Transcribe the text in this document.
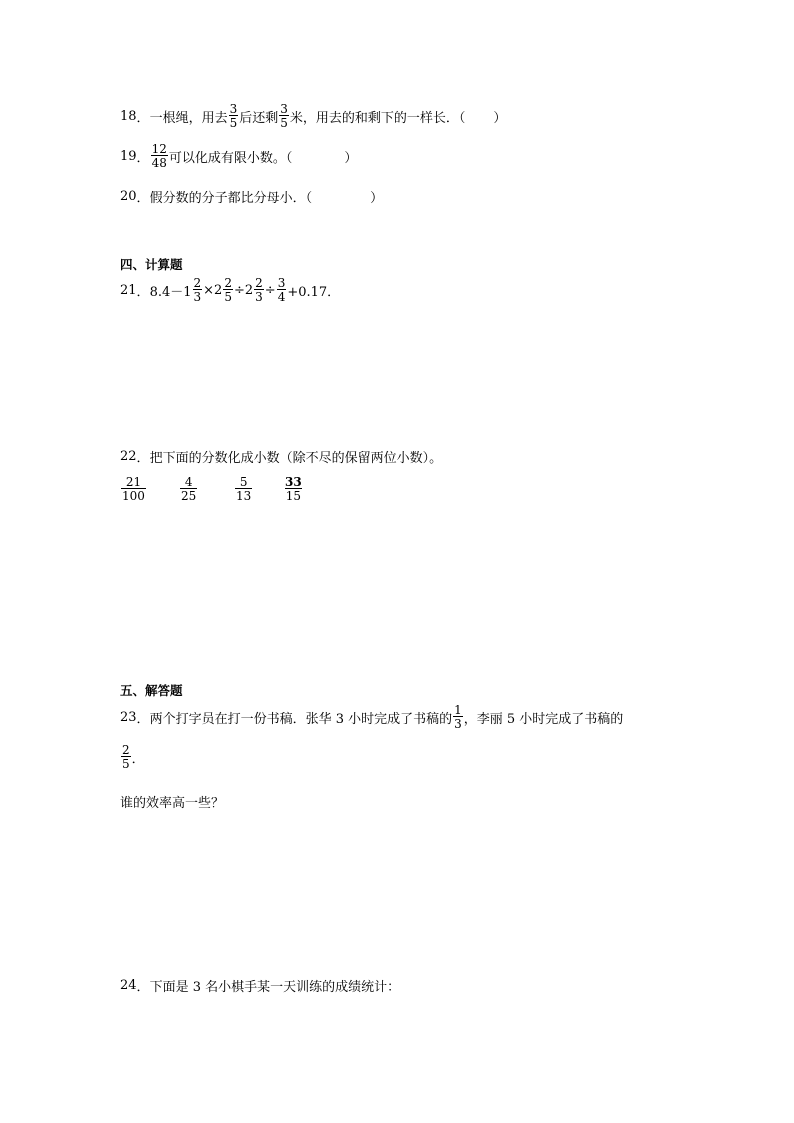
18 ． 一根绳，用去 $\frac{3}{5}$ 后还剩 $\frac{3}{5}$ 米，用去的和剩下的一样长．（ ）
19 ． $\frac{12}{48}$ 可以化成有限小数。（	）
20 ． 假分数的分子都比分母小．（	）
四、计算题
21 ． $8.4-1 \frac{2}{3} \times 2 \frac{2}{5} \div 2 \frac{2}{3} \div \frac{3}{4} +0.17$．
22 ． 把下面的分数化成小数（除不尽的保留两位小数）。
$\frac{21}{100}$	$\frac{4}{25}$	$\frac{5}{13}$	$\frac{33}{15}$
五、解答题
23 ． 两个打字员在打一份书稿．张华 3 小时完成了书稿的 $\frac{1}{3}$ ，李丽 5 小时完成了书稿的
$\frac{2}{5}$ ．
谁的效率高一些？
24 ． 下面是 3 名小棋手某一天训练的成绩统计：
